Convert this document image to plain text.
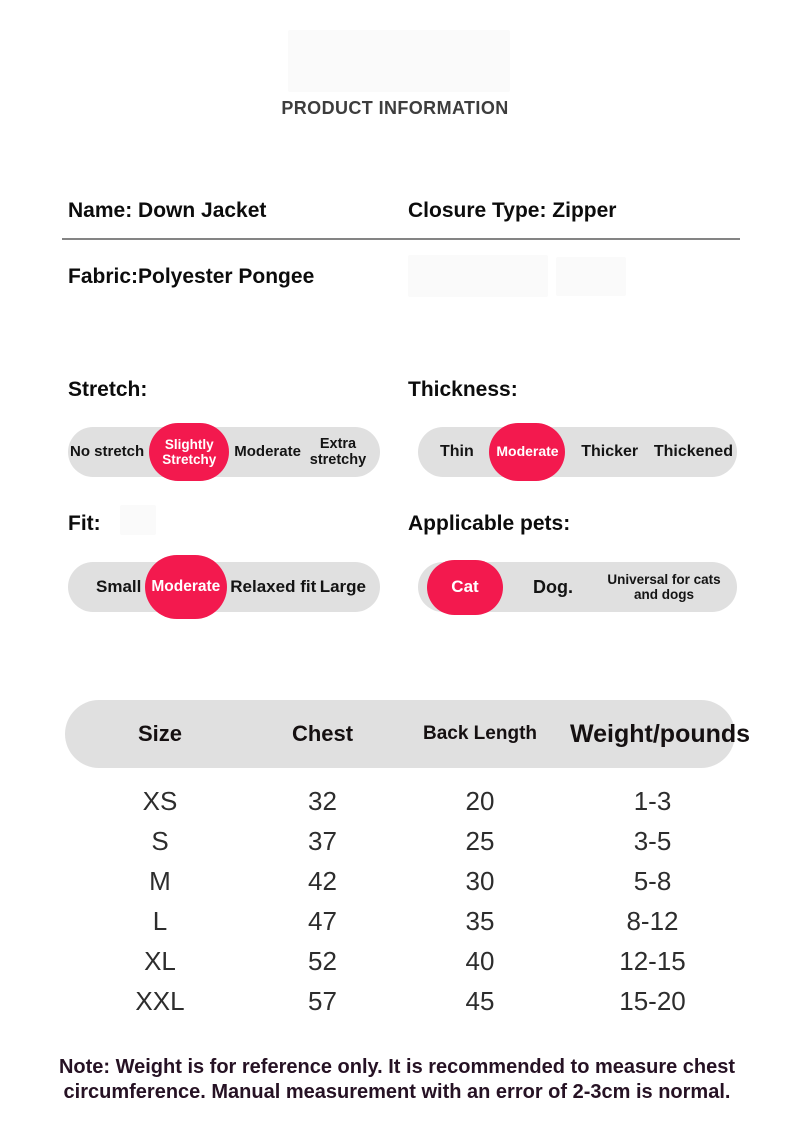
PRODUCT INFORMATION
Name: Down Jacket	Closure Type: Zipper
Fabric:Polyester Pongee
Stretch:	Thickness:
No stretch	Slightly Stretchy	Moderate	Extra stretchy	Thin	Moderate	Thicker Thickened
Fit:	Applicable pets:
Small Moderate Relaxed fit Large	Cat	Dog.	Universal for cats and dogs
Size	Chest	Back Length	Weight/pounds
XS	32	20	1-3
S	37	25	3-5
M	42	30	5-8
L	47	35	8-12
XL	52	40	12-15
XXL	57	45	15-20
Note: Weight is for reference only. It is recommended to measure chest circumference. Manual measurement with an error of 2-3cm is normal.
